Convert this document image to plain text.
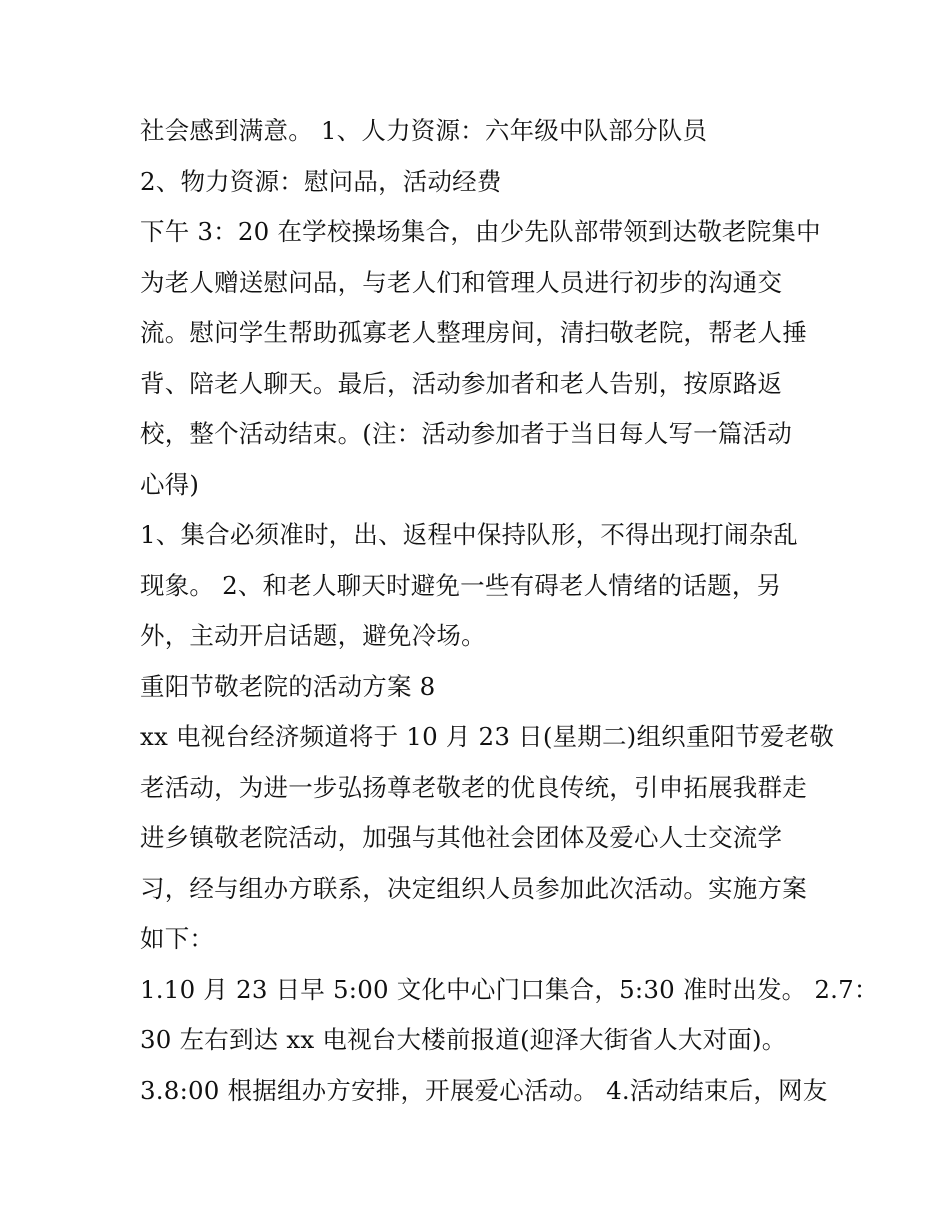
社会感到满意。 1、人力资源：六年级中队部分队员
2、物力资源：慰问品，活动经费
下午 3：20 在学校操场集合，由少先队部带领到达敬老院集中
为老人赠送慰问品，与老人们和管理人员进行初步的沟通交
流。慰问学生帮助孤寡老人整理房间，清扫敬老院，帮老人捶
背、陪老人聊天。最后，活动参加者和老人告别，按原路返
校，整个活动结束。(注：活动参加者于当日每人写一篇活动
心得)
1、集合必须准时，出、返程中保持队形，不得出现打闹杂乱
现象。 2、和老人聊天时避免一些有碍老人情绪的话题，另
外，主动开启话题，避免冷场。
重阳节敬老院的活动方案 8
xx 电视台经济频道将于 10 月 23 日(星期二)组织重阳节爱老敬
老活动，为进一步弘扬尊老敬老的优良传统，引申拓展我群走
进乡镇敬老院活动，加强与其他社会团体及爱心人士交流学
习，经与组办方联系，决定组织人员参加此次活动。实施方案
如下：
1.10 月 23 日早 5:00 文化中心门口集合，5:30 准时出发。 2.7：
30 左右到达 xx 电视台大楼前报道(迎泽大街省人大对面)。
3.8:00 根据组办方安排，开展爱心活动。 4.活动结束后，网友
